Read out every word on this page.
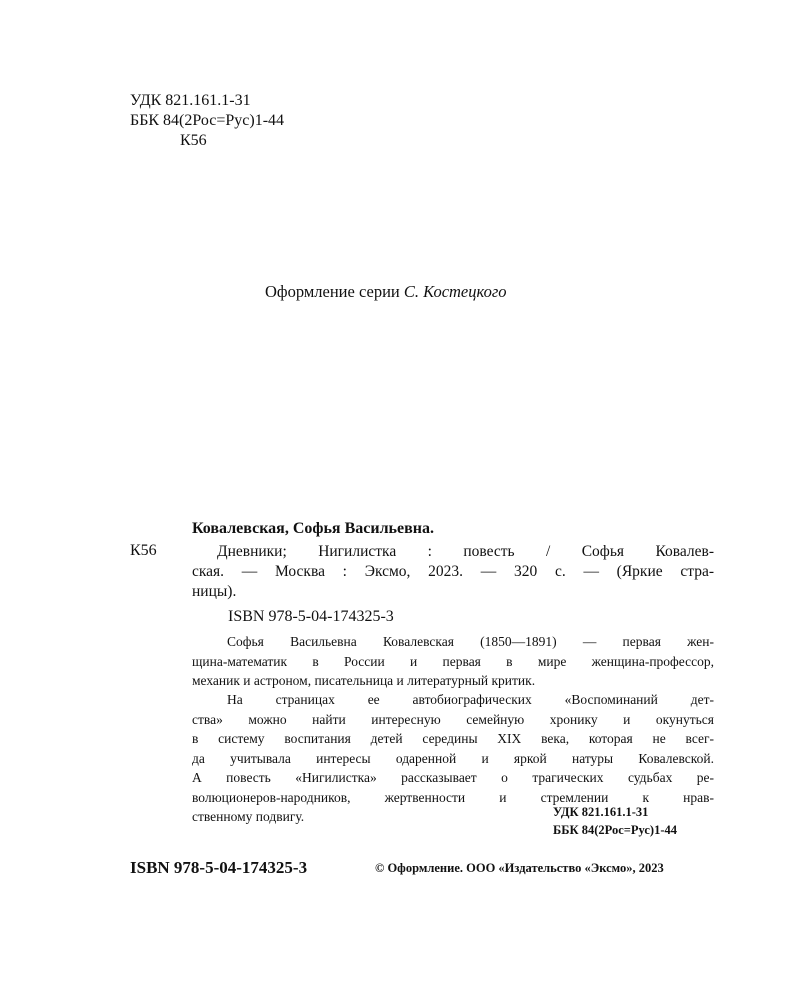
УДК 821.161.1-31
ББК 84(2Рос=Рус)1-44
К56
Оформление серии С. Костецкого
Ковалевская, Софья Васильевна.
К56	Дневники; Нигилистка : повесть / Софья Ковалев-
ская. — Москва : Эксмо, 2023. — 320 с. — (Яркие стра-
ницы).
ISBN 978-5-04-174325-3
Софья Васильевна Ковалевская (1850—1891) — первая жен-
щина-математик в России и первая в мире женщина-профессор,
механик и астроном, писательница и литературный критик.
На страницах ее автобиографических «Воспоминаний дет-
ства» можно найти интересную семейную хронику и окунуться
в систему воспитания детей середины XIX века, которая не всег-
да учитывала интересы одаренной и яркой натуры Ковалевской.
А повесть «Нигилистка» рассказывает о трагических судьбах ре-
волюционеров-народников, жертвенности и стремлении к нрав-
ственному подвигу.	УДК 821.161.1-31
ББК 84(2Рос=Рус)1-44
ISBN 978-5-04-174325-3	© Оформление. ООО «Издательство «Эксмо», 2023
